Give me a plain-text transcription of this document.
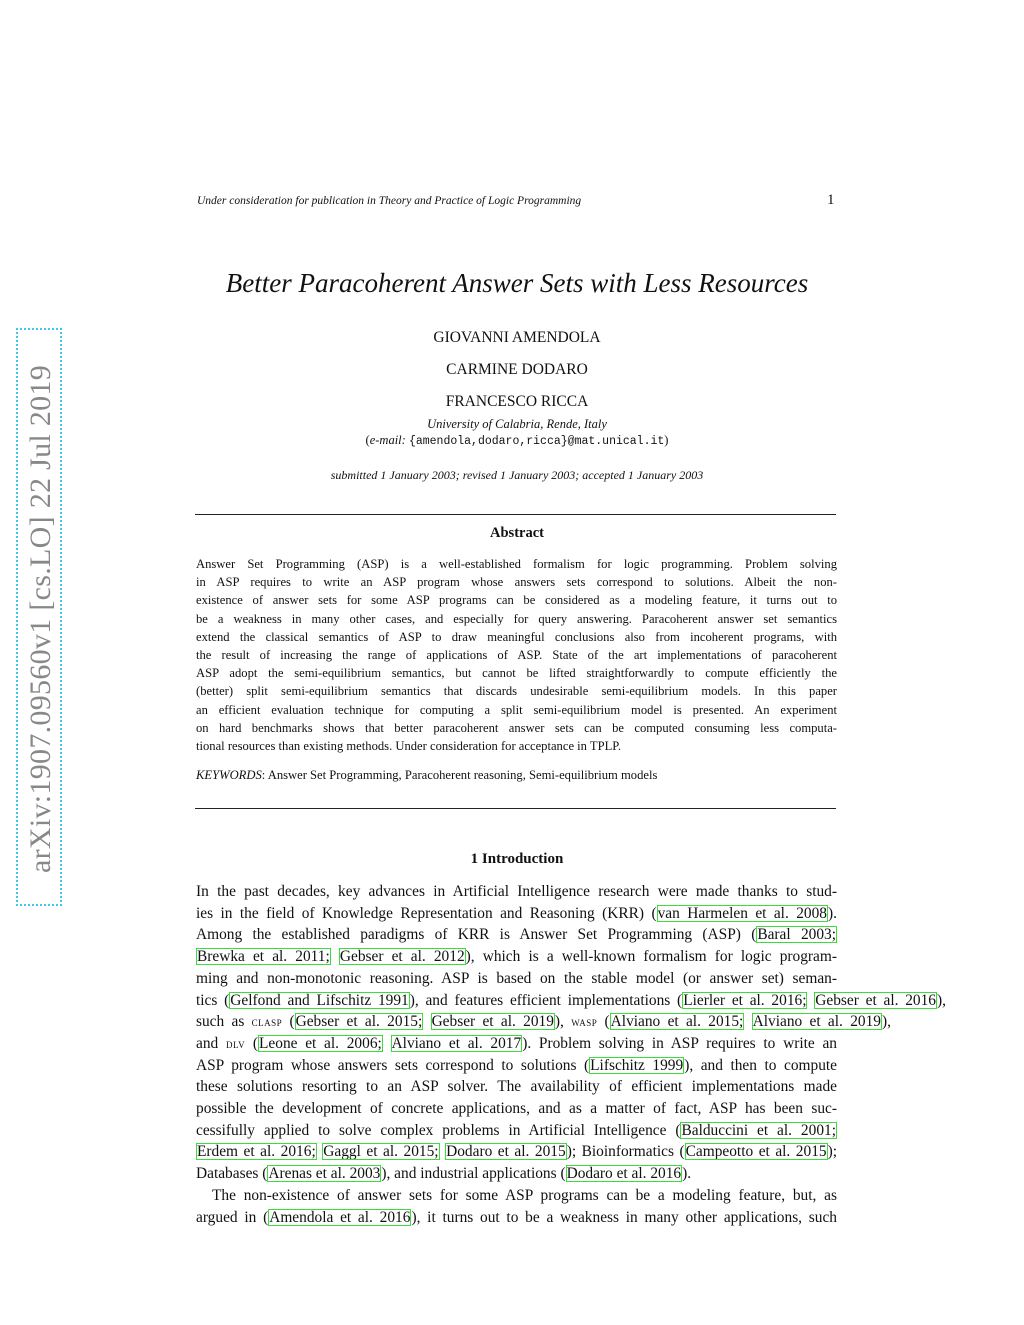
Under consideration for publication in Theory and Practice of Logic Programming	1
arXiv:1907.09560v1 [cs.LO] 22 Jul 2019
Better Paracoherent Answer Sets with Less Resources
GIOVANNI AMENDOLA
CARMINE DODARO
FRANCESCO RICCA
University of Calabria, Rende, Italy
(e-mail: {amendola,dodaro,ricca}@mat.unical.it)
submitted 1 January 2003; revised 1 January 2003; accepted 1 January 2003
Abstract
Answer Set Programming (ASP) is a well-established formalism for logic programming. Problem solving
in ASP requires to write an ASP program whose answers sets correspond to solutions. Albeit the non-
existence of answer sets for some ASP programs can be considered as a modeling feature, it turns out to
be a weakness in many other cases, and especially for query answering. Paracoherent answer set semantics
extend the classical semantics of ASP to draw meaningful conclusions also from incoherent programs, with
the result of increasing the range of applications of ASP. State of the art implementations of paracoherent
ASP adopt the semi-equilibrium semantics, but cannot be lifted straightforwardly to compute efficiently the
(better) split semi-equilibrium semantics that discards undesirable semi-equilibrium models. In this paper
an efficient evaluation technique for computing a split semi-equilibrium model is presented. An experiment
on hard benchmarks shows that better paracoherent answer sets can be computed consuming less computa-
tional resources than existing methods. Under consideration for acceptance in TPLP.
KEYWORDS: Answer Set Programming, Paracoherent reasoning, Semi-equilibrium models
1 Introduction
In the past decades, key advances in Artificial Intelligence research were made thanks to stud-
ies in the field of Knowledge Representation and Reasoning (KRR) (van Harmelen et al. 2008).
Among the established paradigms of KRR is Answer Set Programming (ASP) (Baral 2003;
Brewka et al. 2011; Gebser et al. 2012), which is a well-known formalism for logic program-
ming and non-monotonic reasoning. ASP is based on the stable model (or answer set) seman-
tics (Gelfond and Lifschitz 1991), and features efficient implementations (Lierler et al. 2016; Gebser et al. 2016),
such as clasp (Gebser et al. 2015; Gebser et al. 2019), wasp (Alviano et al. 2015; Alviano et al. 2019),
and dlv (Leone et al. 2006; Alviano et al. 2017). Problem solving in ASP requires to write an
ASP program whose answers sets correspond to solutions (Lifschitz 1999), and then to compute
these solutions resorting to an ASP solver. The availability of efficient implementations made
possible the development of concrete applications, and as a matter of fact, ASP has been suc-
cessifully applied to solve complex problems in Artificial Intelligence (Balduccini et al. 2001;
Erdem et al. 2016; Gaggl et al. 2015; Dodaro et al. 2015); Bioinformatics (Campeotto et al. 2015);
Databases (Arenas et al. 2003), and industrial applications (Dodaro et al. 2016).
The non-existence of answer sets for some ASP programs can be a modeling feature, but, as
argued in (Amendola et al. 2016), it turns out to be a weakness in many other applications, such
